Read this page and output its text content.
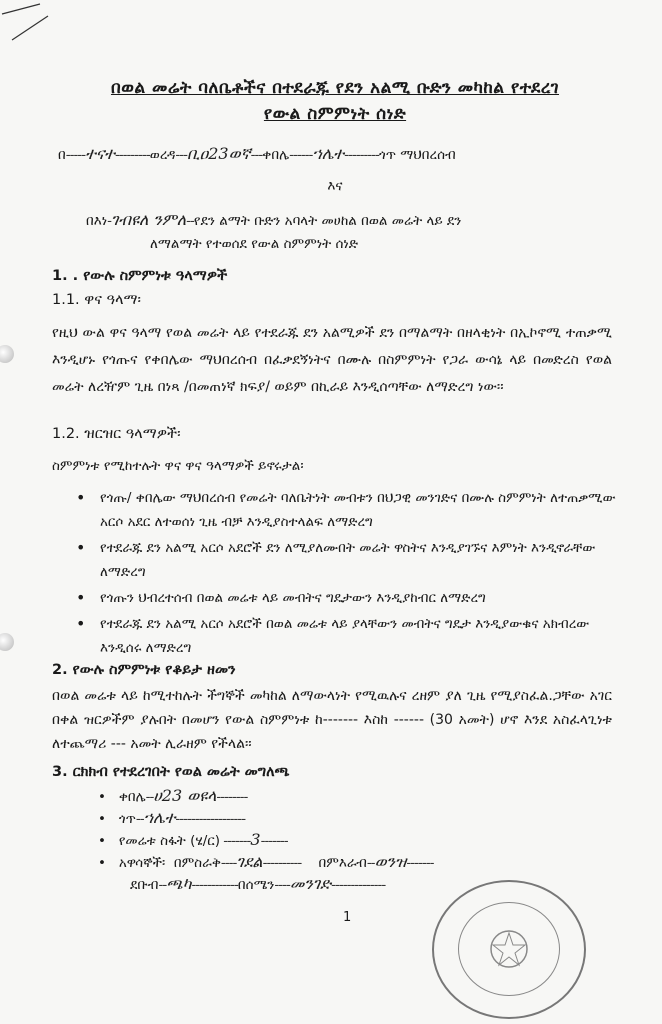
በወል መሬት ባለቤቶችና በተደራጁ የደን አልሚ ቡድን መካከል የተደረገ
የውል ስምምነት ሰነድ
በ-----ተናተ---------ወረዳ---ቢዐ23ወኛ---ቀበሌ------ኀሌተ---------ጎጥ ማህበረሰብ
እና
በእነ-ገብዩለ ንምለ--የደን ልማት ቡድን አባላት መሀከል በወል መሬት ላይ ደን
ለማልማት የተወሰደ የውል ስምምነት ሰነድ
1. . የውሉ ስምምነቱ ዓላማዎች
1.1. ዋና ዓላማ፡
የዚህ ውል ዋና ዓላማ የወል መሬት ላይ የተደራጁ ደን አልሚዎች ደን በማልማት በዘላቂነት በኢኮኖሚ ተጠቃሚ እንዲሆኑ የጎጡና የቀበሌው ማህበረሰብ በፈቃደኝነትና በሙሉ በስምምነት የጋራ ውሳኔ ላይ በመድረስ የወል መሬት ለረዥም ጊዜ በነጻ /በመጠነኛ ክፍያ/ ወይም በኪራይ እንዲሰጣቸው ለማድረግ ነው፡፡
1.2. ዝርዝር ዓላማዎች፡
ስምምነቱ የሚከተሉት ዋና ዋና ዓላማዎች ይኖሩታል፡
• የጎጡ/ ቀበሌው ማህበረሰብ የመሬት ባለቤትነት መብቱን በህጋዊ መንገድና በሙሉ ስምምነት ለተጠቃሚው አርሶ አደር ለተወሰነ ጊዜ ብቻ እንዲያስተላልፍ ለማድረግ
• የተደራጁ ደን አልሚ አርሶ አደሮች ደን ለሚያለሙበት መሬት ዋስትና እንዲያገኙና እምነት እንዲኖራቸው ለማድረግ
• የጎጡን ህብረተሰብ በወል መሬቱ ላይ መብትና ግዴታውን እንዲያከብር ለማድረግ
• የተደራጁ ደን አልሚ አርሶ አደሮች በወል መሬቱ ላይ ያላቸውን መብትና ግዴታ እንዲያውቁና አክብረው እንዲሰሩ ለማድረግ
2. የውሉ ስምምነቱ የቆይታ ዘመን
በወል መሬቱ ላይ ከሚተከሉት ችግኞች መካከል ለማውላነት የሚዉሉና ረዘም ያለ ጊዜ የሚያስፈል.ጋቸው አገር በቀል ዝርዎችም ያሉበት በመሆን የውል ስምምነቱ ከ------- እስከ ------ (30 አመት) ሆኖ እንደ አስፈላጊነቱ ለተጨማሪ --- አመት ሊራዘም የችላል፡፡
3. ርክክብ የተደረገበት የወል መሬት መግለጫ
•   ቀበሌ--ሀ23 ወዩላ--------
•   ጎጥ--ኀሌተ------------------
•   የመሬቱ ስፋት (ሄ/ር) -------3-------
•   አዋሳኞች፡ በምስራቅ----ገደል---------- በምእራብ--ወንዝ-------
ደቡብ--ጫካ------------በሰሜን----መንገድ--------------
1
